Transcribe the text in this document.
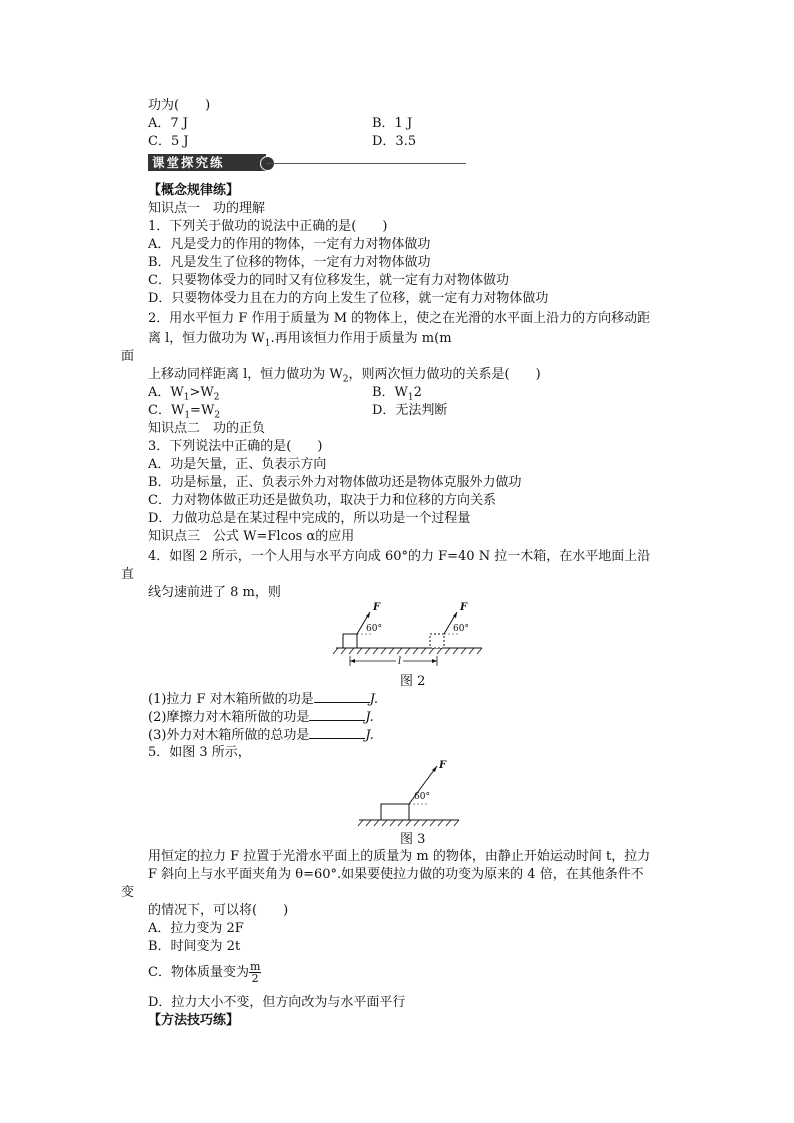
功为(　　)
A．7 J	B．1 J
C．5 J	D．3.5
课堂探究练
【概念规律练】
知识点一　功的理解
1．下列关于做功的说法中正确的是(　　)
A．凡是受力的作用的物体，一定有力对物体做功
B．凡是发生了位移的物体，一定有力对物体做功
C．只要物体受力的同时又有位移发生，就一定有力对物体做功
D．只要物体受力且在力的方向上发生了位移，就一定有力对物体做功
2．用水平恒力 F 作用于质量为 M 的物体上，使之在光滑的水平面上沿力的方向移动距
离 l，恒力做功为 $W_1$.再用该恒力作用于质量为 m(m
面
上移动同样距离 l，恒力做功为 $W_2$，则两次恒力做功的关系是(　　)
A．$W_1>W_2$	B．$W_12$
C．$W_1=W_2$	D．无法判断
知识点二　功的正负
3．下列说法中正确的是(　　)
A．功是矢量，正、负表示方向
B．功是标量，正、负表示外力对物体做功还是物体克服外力做功
C．力对物体做正功还是做负功，取决于力和位移的方向关系
D．力做功总是在某过程中完成的，所以功是一个过程量
知识点三　公式 W=Flcos α的应用
4．如图 2 所示，一个人用与水平方向成 60°的力 F=40 N 拉一木箱，在水平地面上沿
直
线匀速前进了 8 m，则
F	F
60°	60°
l
图 2
(1)拉力 F 对木箱所做的功是	J.
(2)摩擦力对木箱所做的功是	J.
(3)外力对木箱所做的总功是	J.
5．如图 3 所示，
F
60°
图 3
用恒定的拉力 F 拉置于光滑水平面上的质量为 m 的物体，由静止开始运动时间 t，拉力
F 斜向上与水平面夹角为 θ=60°.如果要使拉力做的功变为原来的 4 倍，在其他条件不
变
的情况下，可以将(　　)
A．拉力变为 2F
B．时间变为 2t
C．物体质量变为 $\frac{m}{2}$
D．拉力大小不变，但方向改为与水平面平行
【方法技巧练】
